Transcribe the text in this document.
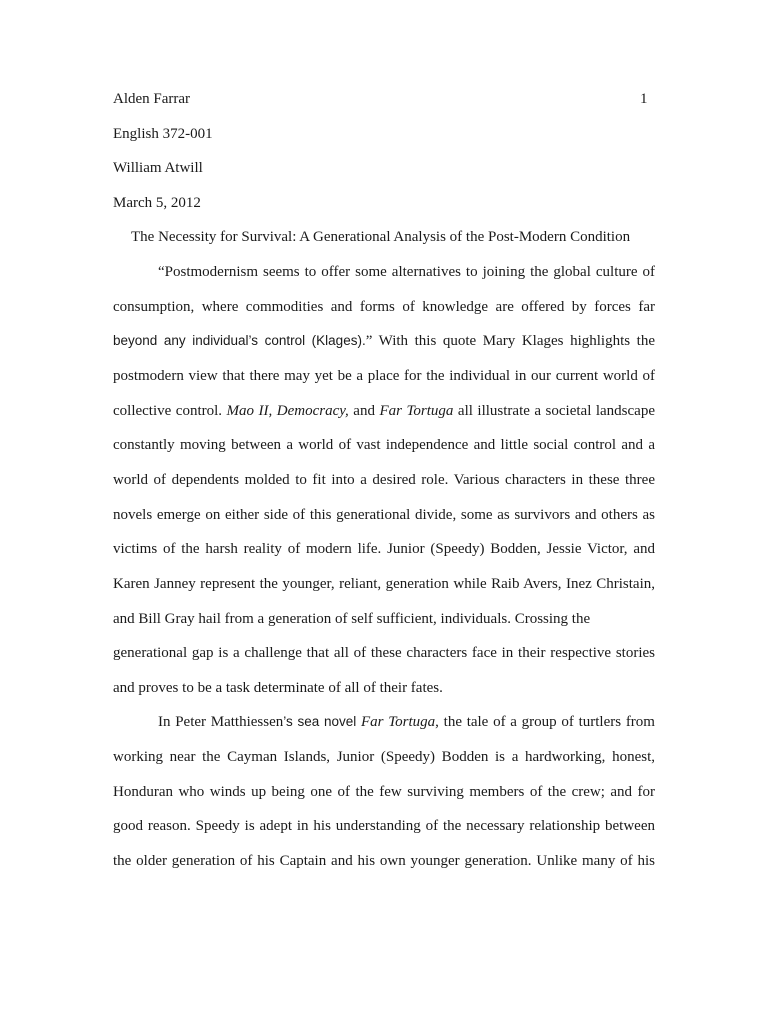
Alden Farrar	1
English 372-001
William Atwill
March 5, 2012
The Necessity for Survival: A Generational Analysis of the Post-Modern Condition
“Postmodernism seems to offer some alternatives to joining the global culture of
consumption, where commodities and forms of knowledge are offered by forces far
beyond any individual’s control (Klages).” With this quote Mary Klages highlights the
postmodern view that there may yet be a place for the individual in our current world of
collective control. Mao II, Democracy, and Far Tortuga all illustrate a societal landscape
constantly moving between a world of vast independence and little social control and a
world of dependents molded to fit into a desired role. Various characters in these three
novels emerge on either side of this generational divide, some as survivors and others as
victims of the harsh reality of modern life. Junior (Speedy) Bodden, Jessie Victor, and
Karen Janney represent the younger, reliant, generation while Raib Avers, Inez Christain,
and Bill Gray hail from a generation of self sufficient, individuals. Crossing the
generational gap is a challenge that all of these characters face in their respective stories
and proves to be a task determinate of all of their fates.
In Peter Matthiessen’s sea novel Far Tortuga, the tale of a group of turtlers from
working near the Cayman Islands, Junior (Speedy) Bodden is a hardworking, honest,
Honduran who winds up being one of the few surviving members of the crew; and for
good reason. Speedy is adept in his understanding of the necessary relationship between
the older generation of his Captain and his own younger generation. Unlike many of his
